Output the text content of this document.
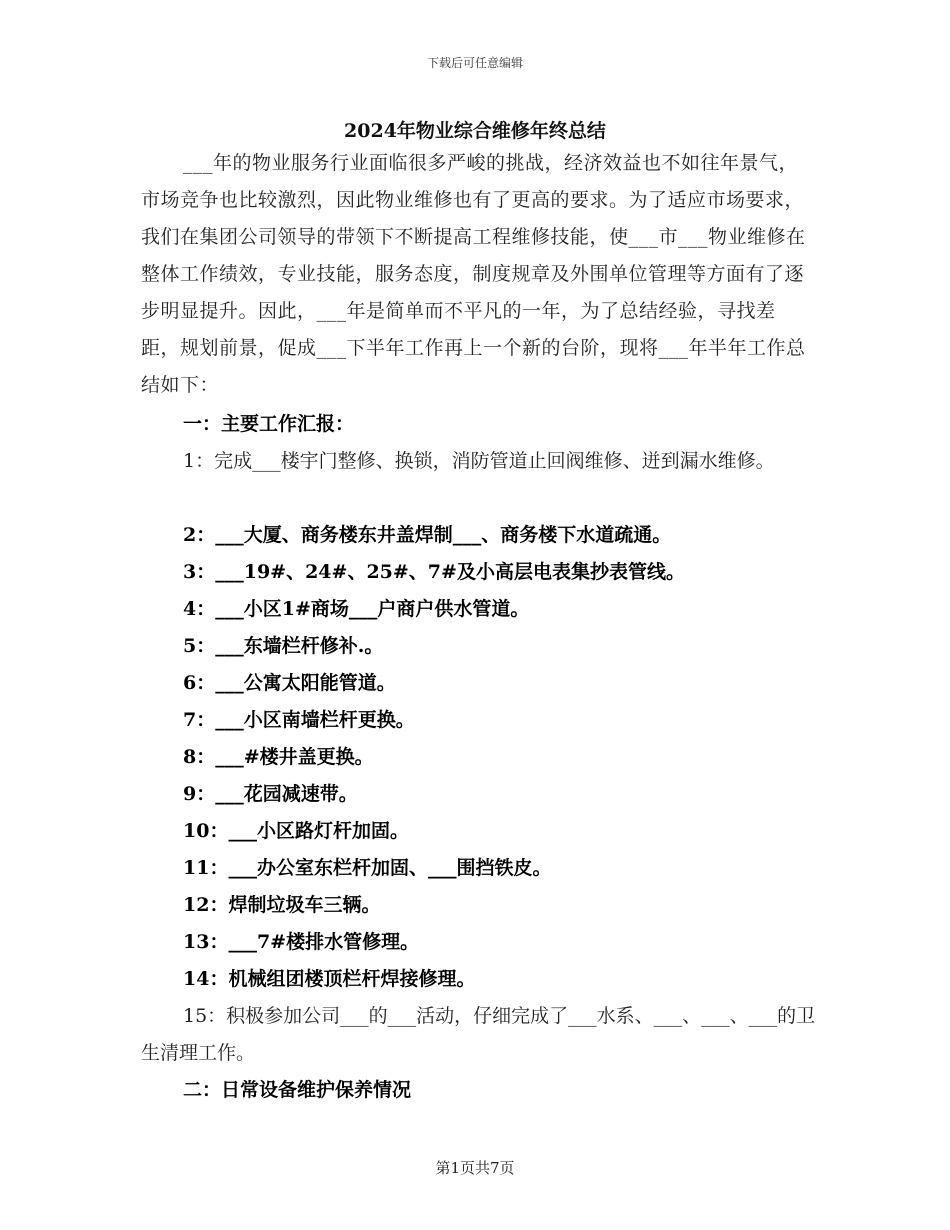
下载后可任意编辑
2024年物业综合维修年终总结
___年的物业服务行业面临很多严峻的挑战，经济效益也不如往年景气，市场竞争也比较激烈，因此物业维修也有了更高的要求。为了适应市场要求，我们在集团公司领导的带领下不断提高工程维修技能，使___市___物业维修在整体工作绩效，专业技能，服务态度，制度规章及外围单位管理等方面有了逐步明显提升。因此，___年是简单而不平凡的一年，为了总结经验，寻找差距，规划前景，促成___下半年工作再上一个新的台阶，现将___年半年工作总结如下：
一：主要工作汇报：
1：完成___楼宇门整修、换锁，消防管道止回阀维修、迸到漏水维修。
2：___大厦、商务楼东井盖焊制___、商务楼下水道疏通。
3：___19#、24#、25#、7#及小高层电表集抄表管线。
4：___小区1#商场___户商户供水管道。
5：___东墙栏杆修补.。
6：___公寓太阳能管道。
7：___小区南墙栏杆更换。
8：___#楼井盖更换。
9：___花园减速带。
10：___小区路灯杆加固。
11：___办公室东栏杆加固、___围挡铁皮。
12：焊制垃圾车三辆。
13：___7#楼排水管修理。
14：机械组团楼顶栏杆焊接修理。
15：积极参加公司___的___活动，仔细完成了___水系、___、___、___的卫生清理工作。
二：日常设备维护保养情况
第1页共7页
